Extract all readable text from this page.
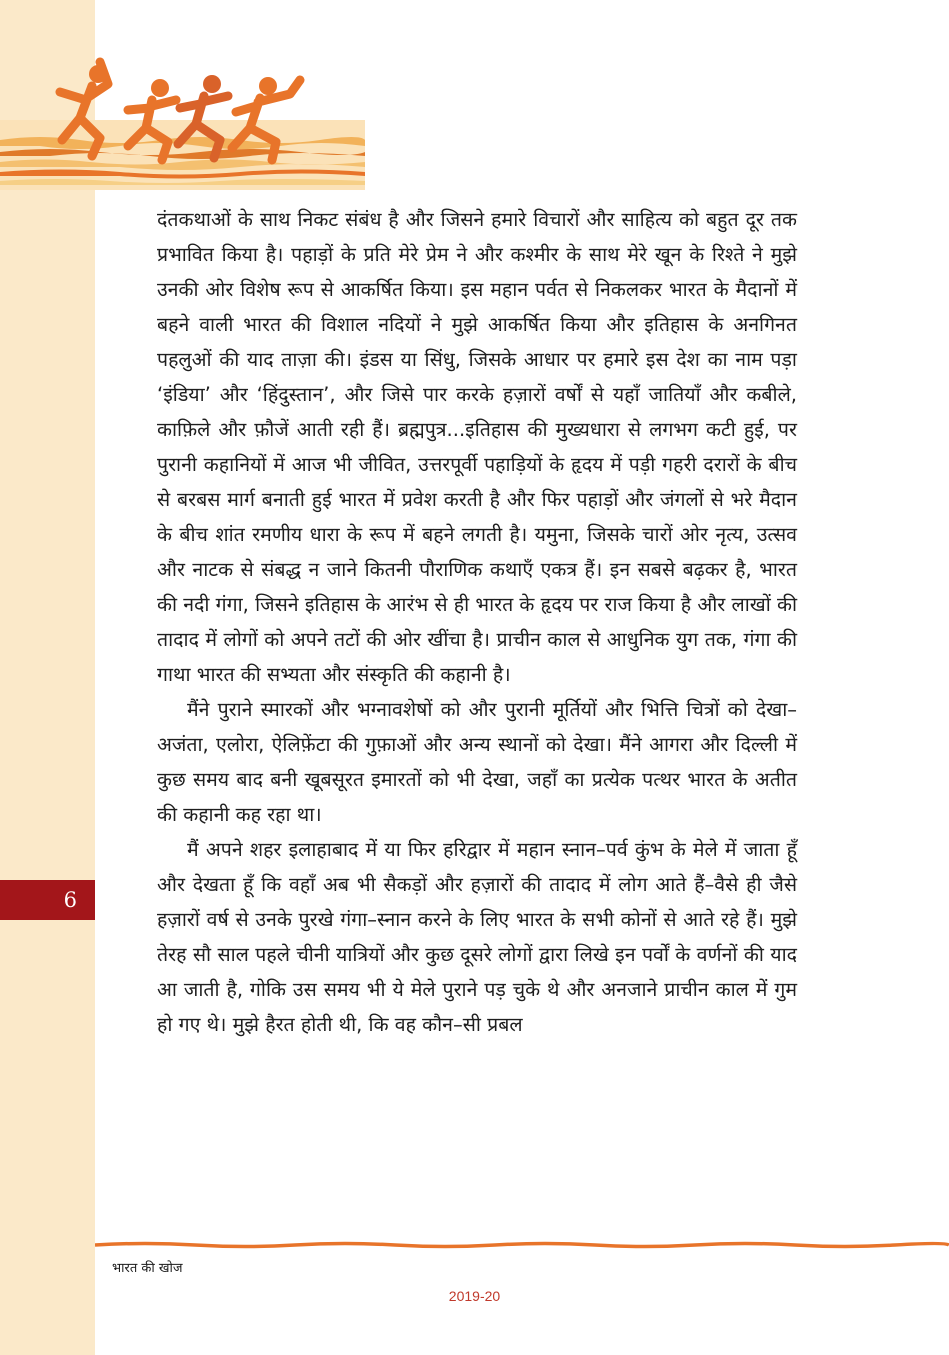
6

दंतकथाओं के साथ निकट संबंध है और जिसने हमारे विचारों और साहित्य को बहुत दूर तक प्रभावित किया है। पहाड़ों के प्रति मेरे प्रेम ने और कश्मीर के साथ मेरे खून के रिश्ते ने मुझे उनकी ओर विशेष रूप से आकर्षित किया। इस महान पर्वत से निकलकर भारत के मैदानों में बहने वाली भारत की विशाल नदियों ने मुझे आकर्षित किया और इतिहास के अनगिनत पहलुओं की याद ताज़ा की। इंडस या सिंधु, जिसके आधार पर हमारे इस देश का नाम पड़ा ‘इंडिया’ और ‘हिंदुस्तान’, और जिसे पार करके हज़ारों वर्षों से यहाँ जातियाँ और कबीले, काफ़िले और फ़ौजें आती रही हैं। ब्रह्मपुत्र...इतिहास की मुख्यधारा से लगभग कटी हुई, पर पुरानी कहानियों में आज भी जीवित, उत्तरपूर्वी पहाड़ियों के हृदय में पड़ी गहरी दरारों के बीच से बरबस मार्ग बनाती हुई भारत में प्रवेश करती है और फिर पहाड़ों और जंगलों से भरे मैदान के बीच शांत रमणीय धारा के रूप में बहने लगती है। यमुना, जिसके चारों ओर नृत्य, उत्सव और नाटक से संबद्ध न जाने कितनी पौराणिक कथाएँ एकत्र हैं। इन सबसे बढ़कर है, भारत की नदी गंगा, जिसने इतिहास के आरंभ से ही भारत के हृदय पर राज किया है और लाखों की तादाद में लोगों को अपने तटों की ओर खींचा है। प्राचीन काल से आधुनिक युग तक, गंगा की गाथा भारत की सभ्यता और संस्कृति की कहानी है।

मैंने पुराने स्मारकों और भग्नावशेषों को और पुरानी मूर्तियों और भित्ति चित्रों को देखा–अजंता, एलोरा, ऐलिफ़ेंटा की गुफ़ाओं और अन्य स्थानों को देखा। मैंने आगरा और दिल्ली में कुछ समय बाद बनी खूबसूरत इमारतों को भी देखा, जहाँ का प्रत्येक पत्थर भारत के अतीत की कहानी कह रहा था।

मैं अपने शहर इलाहाबाद में या फिर हरिद्वार में महान स्नान–पर्व कुंभ के मेले में जाता हूँ और देखता हूँ कि वहाँ अब भी सैकड़ों और हज़ारों की तादाद में लोग आते हैं–वैसे ही जैसे हज़ारों वर्ष से उनके पुरखे गंगा–स्नान करने के लिए भारत के सभी कोनों से आते रहे हैं। मुझे तेरह सौ साल पहले चीनी यात्रियों और कुछ दूसरे लोगों द्वारा लिखे इन पर्वों के वर्णनों की याद आ जाती है, गोकि उस समय भी ये मेले पुराने पड़ चुके थे और अनजाने प्राचीन काल में गुम हो गए थे। मुझे हैरत होती थी, कि वह कौन–सी प्रबल

भारत की खोज
2019-20
